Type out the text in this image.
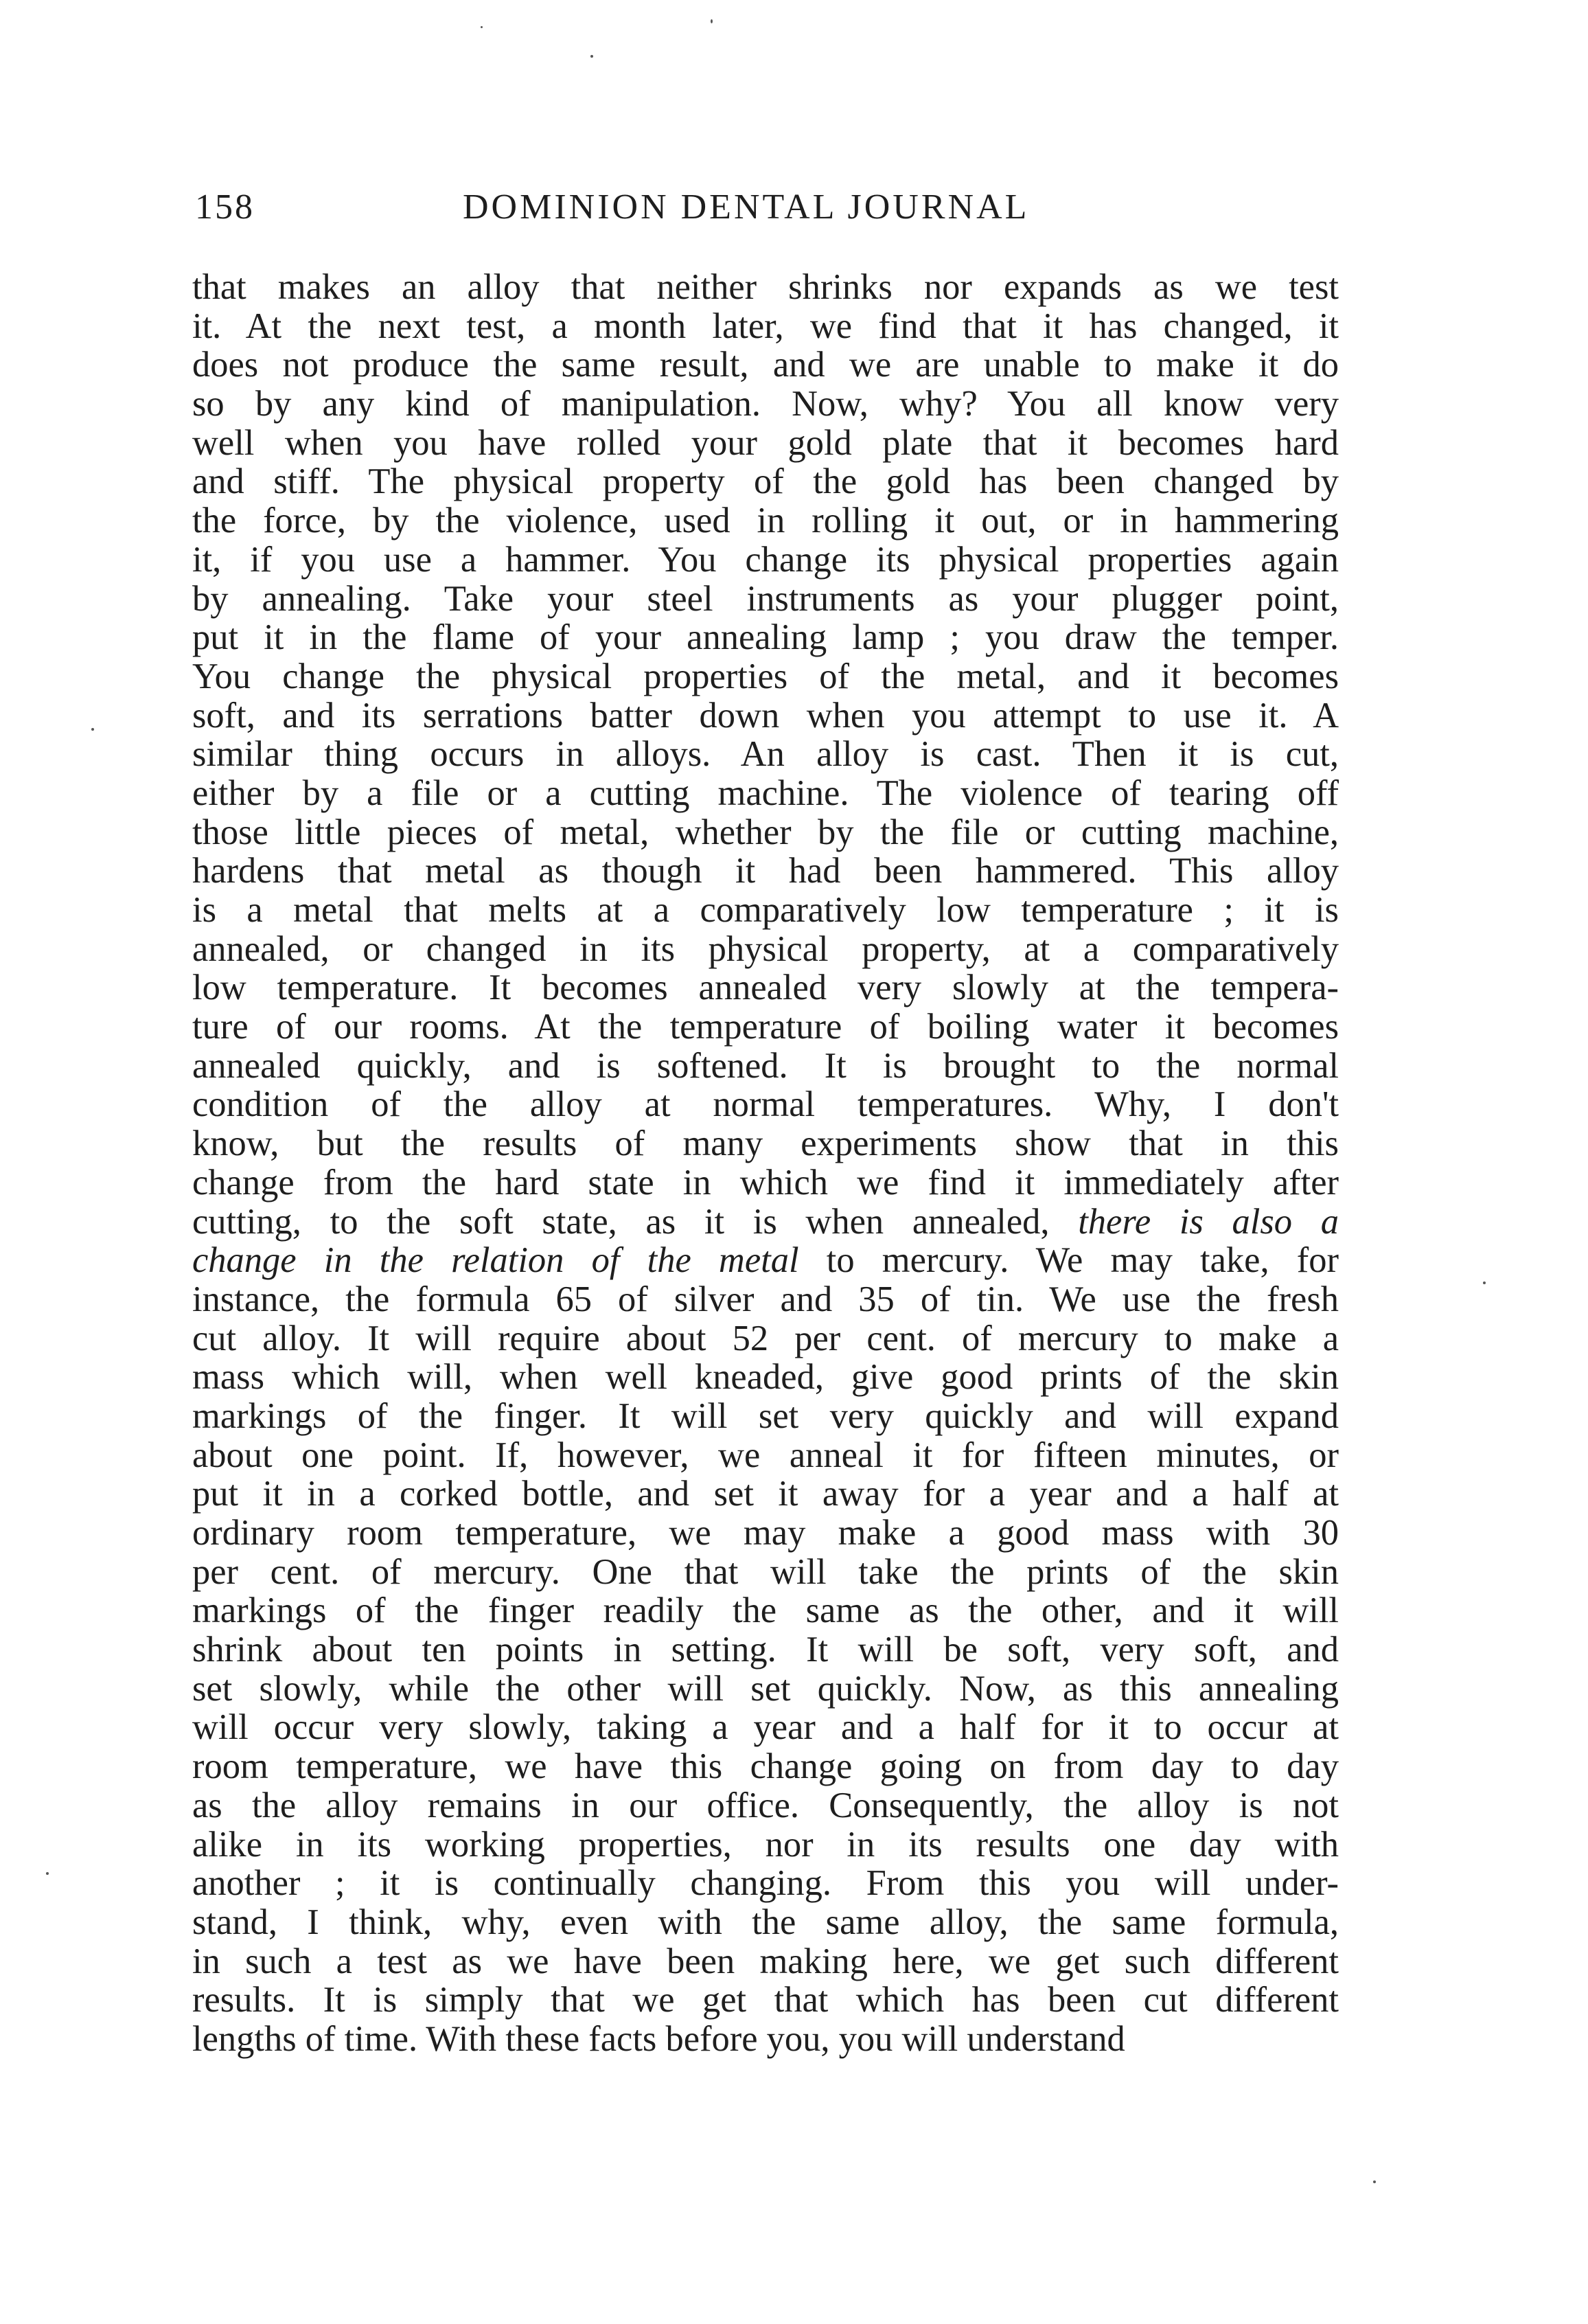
158	DOMINION DENTAL JOURNAL
that makes an alloy that neither shrinks nor expands as we test
it. At the next test, a month later, we find that it has changed, it
does not produce the same result, and we are unable to make it do
so by any kind of manipulation. Now, why? You all know very
well when you have rolled your gold plate that it becomes hard
and stiff. The physical property of the gold has been changed by
the force, by the violence, used in rolling it out, or in hammering
it, if you use a hammer. You change its physical properties again
by annealing. Take your steel instruments as your plugger point,
put it in the flame of your annealing lamp ; you draw the temper.
You change the physical properties of the metal, and it becomes
soft, and its serrations batter down when you attempt to use it. A
similar thing occurs in alloys. An alloy is cast. Then it is cut,
either by a file or a cutting machine. The violence of tearing off
those little pieces of metal, whether by the file or cutting machine,
hardens that metal as though it had been hammered. This alloy
is a metal that melts at a comparatively low temperature ; it is
annealed, or changed in its physical property, at a comparatively
low temperature. It becomes annealed very slowly at the tempera-
ture of our rooms. At the temperature of boiling water it becomes
annealed quickly, and is softened. It is brought to the normal
condition of the alloy at normal temperatures. Why, I don't
know, but the results of many experiments show that in this
change from the hard state in which we find it immediately after
cutting, to the soft state, as it is when annealed, there is also a
change in the relation of the metal to mercury. We may take, for
instance, the formula 65 of silver and 35 of tin. We use the fresh
cut alloy. It will require about 52 per cent. of mercury to make a
mass which will, when well kneaded, give good prints of the skin
markings of the finger. It will set very quickly and will expand
about one point. If, however, we anneal it for fifteen minutes, or
put it in a corked bottle, and set it away for a year and a half at
ordinary room temperature, we may make a good mass with 30
per cent. of mercury. One that will take the prints of the skin
markings of the finger readily the same as the other, and it will
shrink about ten points in setting. It will be soft, very soft, and
set slowly, while the other will set quickly. Now, as this annealing
will occur very slowly, taking a year and a half for it to occur at
room temperature, we have this change going on from day to day
as the alloy remains in our office. Consequently, the alloy is not
alike in its working properties, nor in its results one day with
another ; it is continually changing. From this you will under-
stand, I think, why, even with the same alloy, the same formula,
in such a test as we have been making here, we get such different
results. It is simply that we get that which has been cut different
lengths of time. With these facts before you, you will understand
